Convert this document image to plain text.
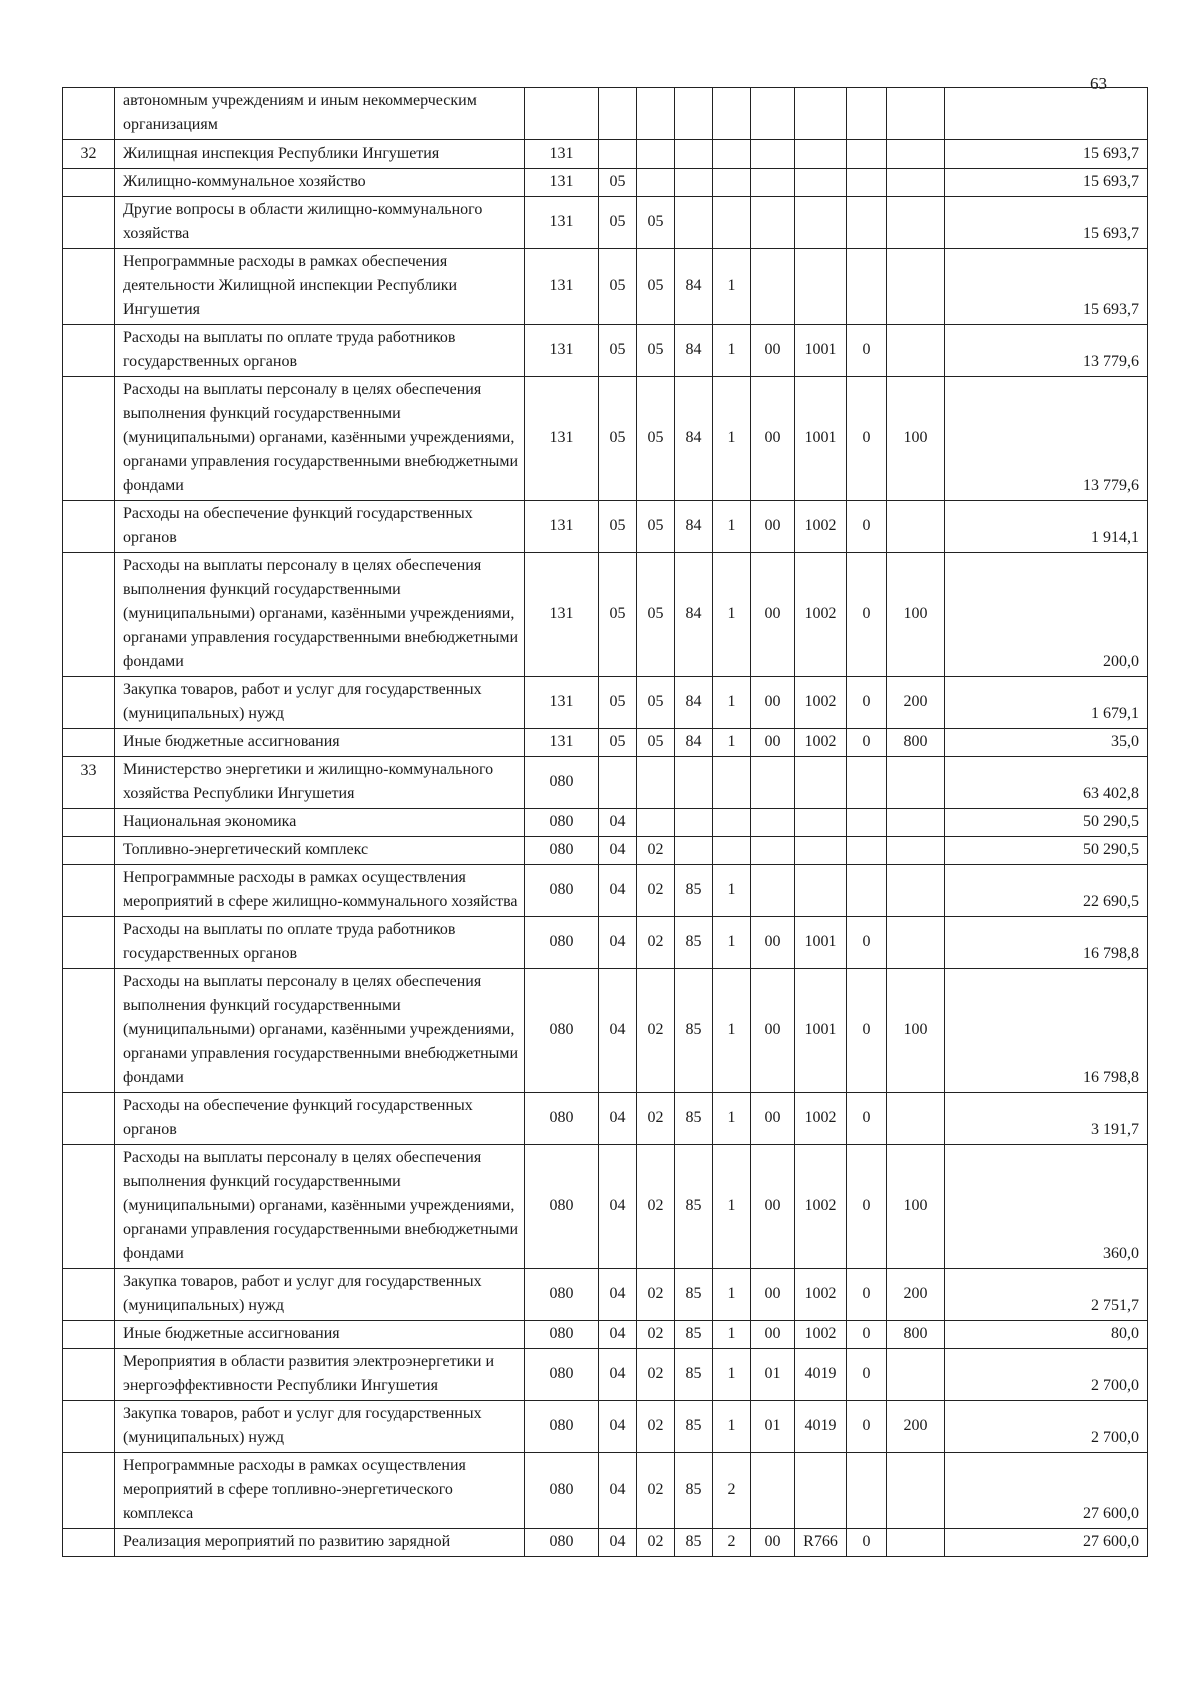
63
	автономным учреждениям и иным некоммерческим организациям										
32	Жилищная инспекция Республики Ингушетия	131									15 693,7
	Жилищно-коммунальное хозяйство	131	05								15 693,7
	Другие вопросы в области жилищно-коммунального хозяйства	131	05	05							15 693,7
	Непрограммные расходы в рамках обеспечения деятельности Жилищной инспекции Республики Ингушетия	131	05	05	84	1					15 693,7
	Расходы на выплаты по оплате труда работников государственных органов	131	05	05	84	1	00	1001	0		13 779,6
	Расходы на выплаты персоналу в целях обеспечения выполнения функций государственными (муниципальными) органами, казёнными учреждениями, органами управления государственными внебюджетными фондами	131	05	05	84	1	00	1001	0	100	13 779,6
	Расходы на обеспечение функций государственных органов	131	05	05	84	1	00	1002	0		1 914,1
	Расходы на выплаты персоналу в целях обеспечения выполнения функций государственными (муниципальными) органами, казёнными учреждениями, органами управления государственными внебюджетными фондами	131	05	05	84	1	00	1002	0	100	200,0
	Закупка товаров, работ и услуг для государственных (муниципальных) нужд	131	05	05	84	1	00	1002	0	200	1 679,1
	Иные бюджетные ассигнования	131	05	05	84	1	00	1002	0	800	35,0
33	Министерство энергетики и жилищно-коммунального хозяйства Республики Ингушетия	080									63 402,8
	Национальная экономика	080	04								50 290,5
	Топливно-энергетический комплекс	080	04	02							50 290,5
	Непрограммные расходы в рамках осуществления мероприятий в сфере жилищно-коммунального хозяйства	080	04	02	85	1					22 690,5
	Расходы на выплаты по оплате труда работников государственных органов	080	04	02	85	1	00	1001	0		16 798,8
	Расходы на выплаты персоналу в целях обеспечения выполнения функций государственными (муниципальными) органами, казёнными учреждениями, органами управления государственными внебюджетными фондами	080	04	02	85	1	00	1001	0	100	16 798,8
	Расходы на обеспечение функций государственных органов	080	04	02	85	1	00	1002	0		3 191,7
	Расходы на выплаты персоналу в целях обеспечения выполнения функций государственными (муниципальными) органами, казёнными учреждениями, органами управления государственными внебюджетными фондами	080	04	02	85	1	00	1002	0	100	360,0
	Закупка товаров, работ и услуг для государственных (муниципальных) нужд	080	04	02	85	1	00	1002	0	200	2 751,7
	Иные бюджетные ассигнования	080	04	02	85	1	00	1002	0	800	80,0
	Мероприятия в области развития электроэнергетики и энергоэффективности Республики Ингушетия	080	04	02	85	1	01	4019	0		2 700,0
	Закупка товаров, работ и услуг для государственных (муниципальных) нужд	080	04	02	85	1	01	4019	0	200	2 700,0
	Непрограммные расходы в рамках осуществления мероприятий в сфере топливно-энергетического комплекса	080	04	02	85	2					27 600,0
	Реализация мероприятий по развитию зарядной	080	04	02	85	2	00	R766	0		27 600,0
